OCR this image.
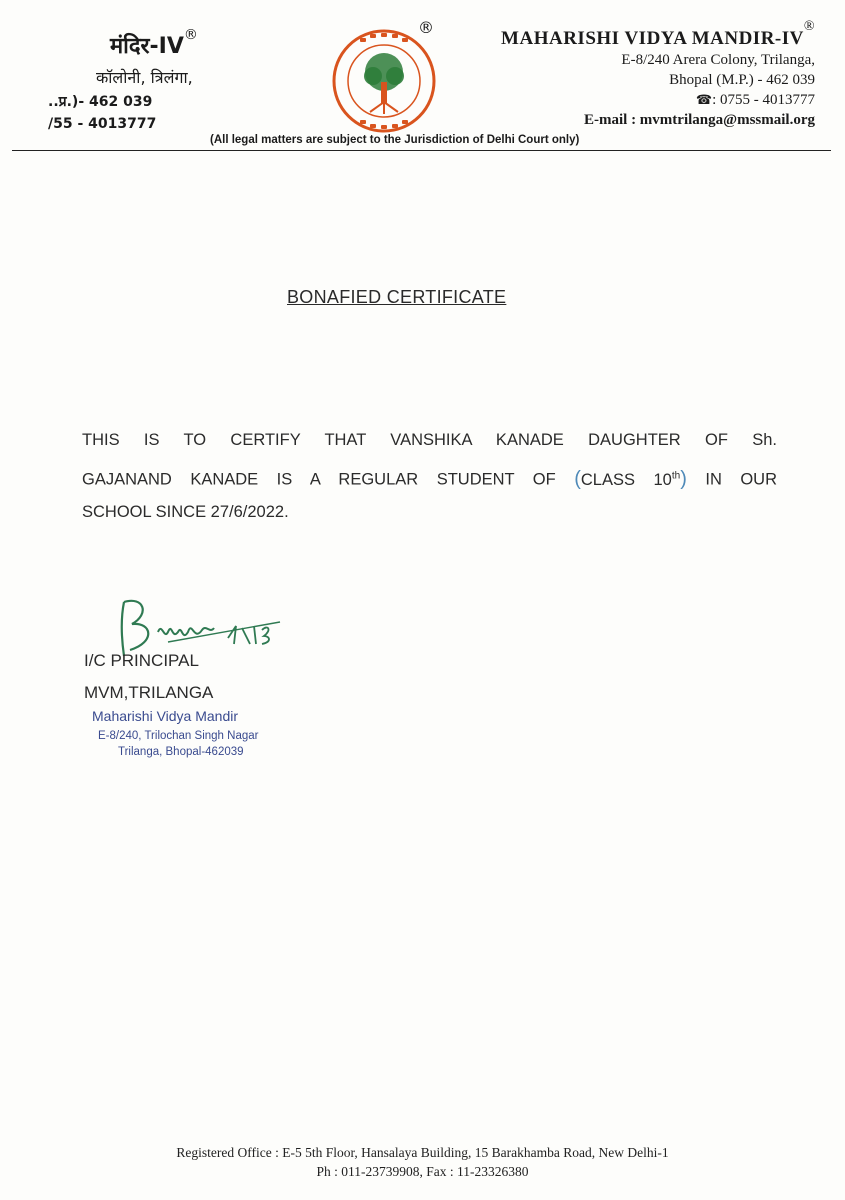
मंदिर-IV®
कॉलोनी, त्रिलंगा,
..प्र.)- 462 039
/55 - 4013777
®
MAHARISHI VIDYA MANDIR-IV®
E-8/240 Arera Colony, Trilanga,
Bhopal (M.P.) - 462 039
☎: 0755 - 4013777
E-mail : mvmtrilanga@mssmail.org
(All legal matters are subject to the Jurisdiction of Delhi Court only)
BONAFIED CERTIFICATE
THIS IS TO CERTIFY THAT VANSHIKA KANADE DAUGHTER OF Sh.
GAJANAND KANADE IS A REGULAR STUDENT OF (CLASS 10th) IN OUR
SCHOOL SINCE 27/6/2022.
I/C PRINCIPAL
MVM,TRILANGA
Maharishi Vidya Mandir
E-8/240, Trilochan Singh Nagar
Trilanga, Bhopal-462039
Registered Office : E-5 5th Floor, Hansalaya Building, 15 Barakhamba Road, New Delhi-1
Ph : 011-23739908, Fax : 11-23326380
